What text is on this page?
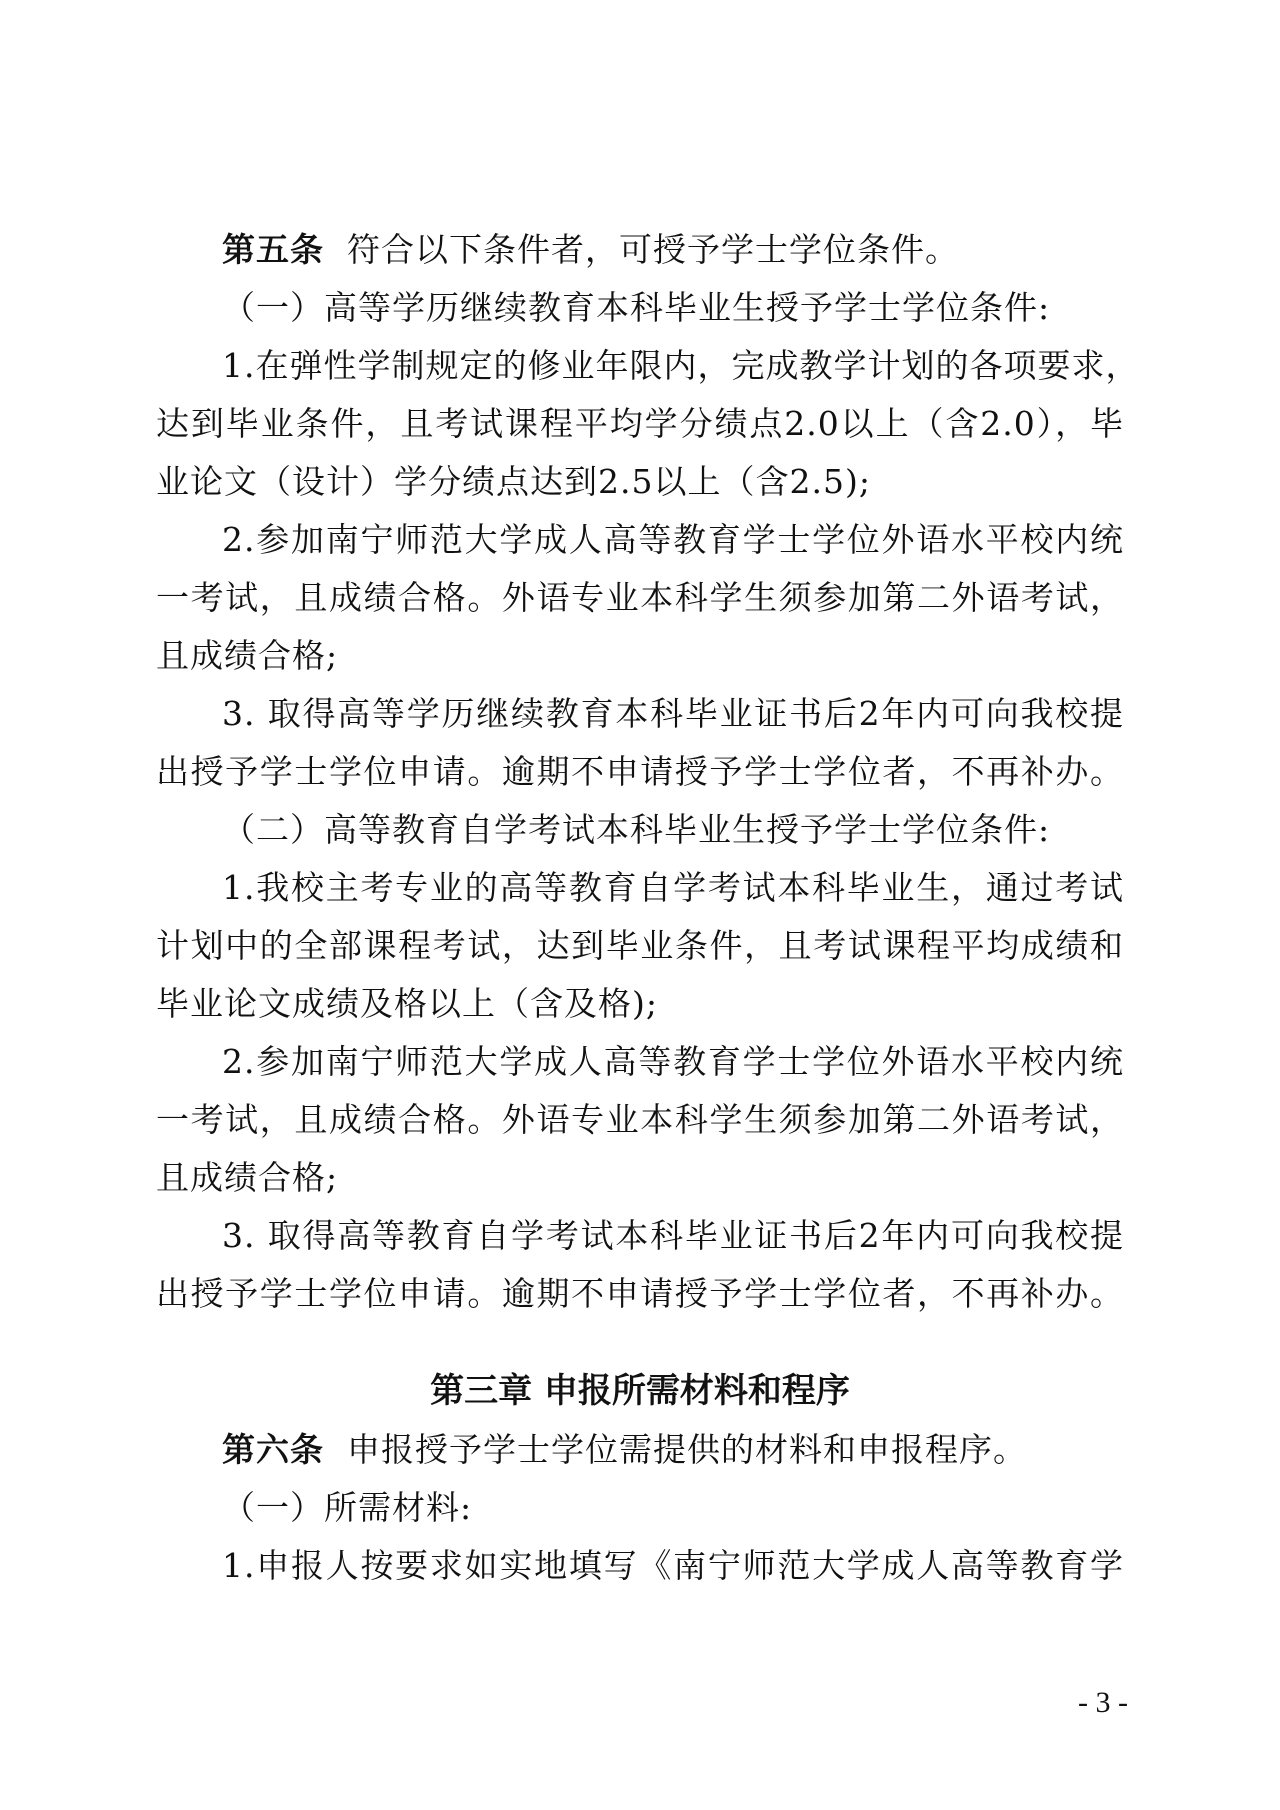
第五条 符合以下条件者，可授予学士学位条件。
（一）高等学历继续教育本科毕业生授予学士学位条件:
1.在弹性学制规定的修业年限内，完成教学计划的各项要求，
达到毕业条件，且考试课程平均学分绩点2.0以上（含2.0），毕
业论文（设计）学分绩点达到2.5以上（含2.5);
2.参加南宁师范大学成人高等教育学士学位外语水平校内统
一考试，且成绩合格。外语专业本科学生须参加第二外语考试，
且成绩合格;
3. 取得高等学历继续教育本科毕业证书后2年内可向我校提
出授予学士学位申请。逾期不申请授予学士学位者，不再补办。
（二）高等教育自学考试本科毕业生授予学士学位条件:
1.我校主考专业的高等教育自学考试本科毕业生，通过考试
计划中的全部课程考试，达到毕业条件，且考试课程平均成绩和
毕业论文成绩及格以上（含及格);
2.参加南宁师范大学成人高等教育学士学位外语水平校内统
一考试，且成绩合格。外语专业本科学生须参加第二外语考试，
且成绩合格;
3. 取得高等教育自学考试本科毕业证书后2年内可向我校提
出授予学士学位申请。逾期不申请授予学士学位者，不再补办。
第三章 申报所需材料和程序
第六条 申报授予学士学位需提供的材料和申报程序。
（一）所需材料:
1.申报人按要求如实地填写《南宁师范大学成人高等教育学
- 3 -
